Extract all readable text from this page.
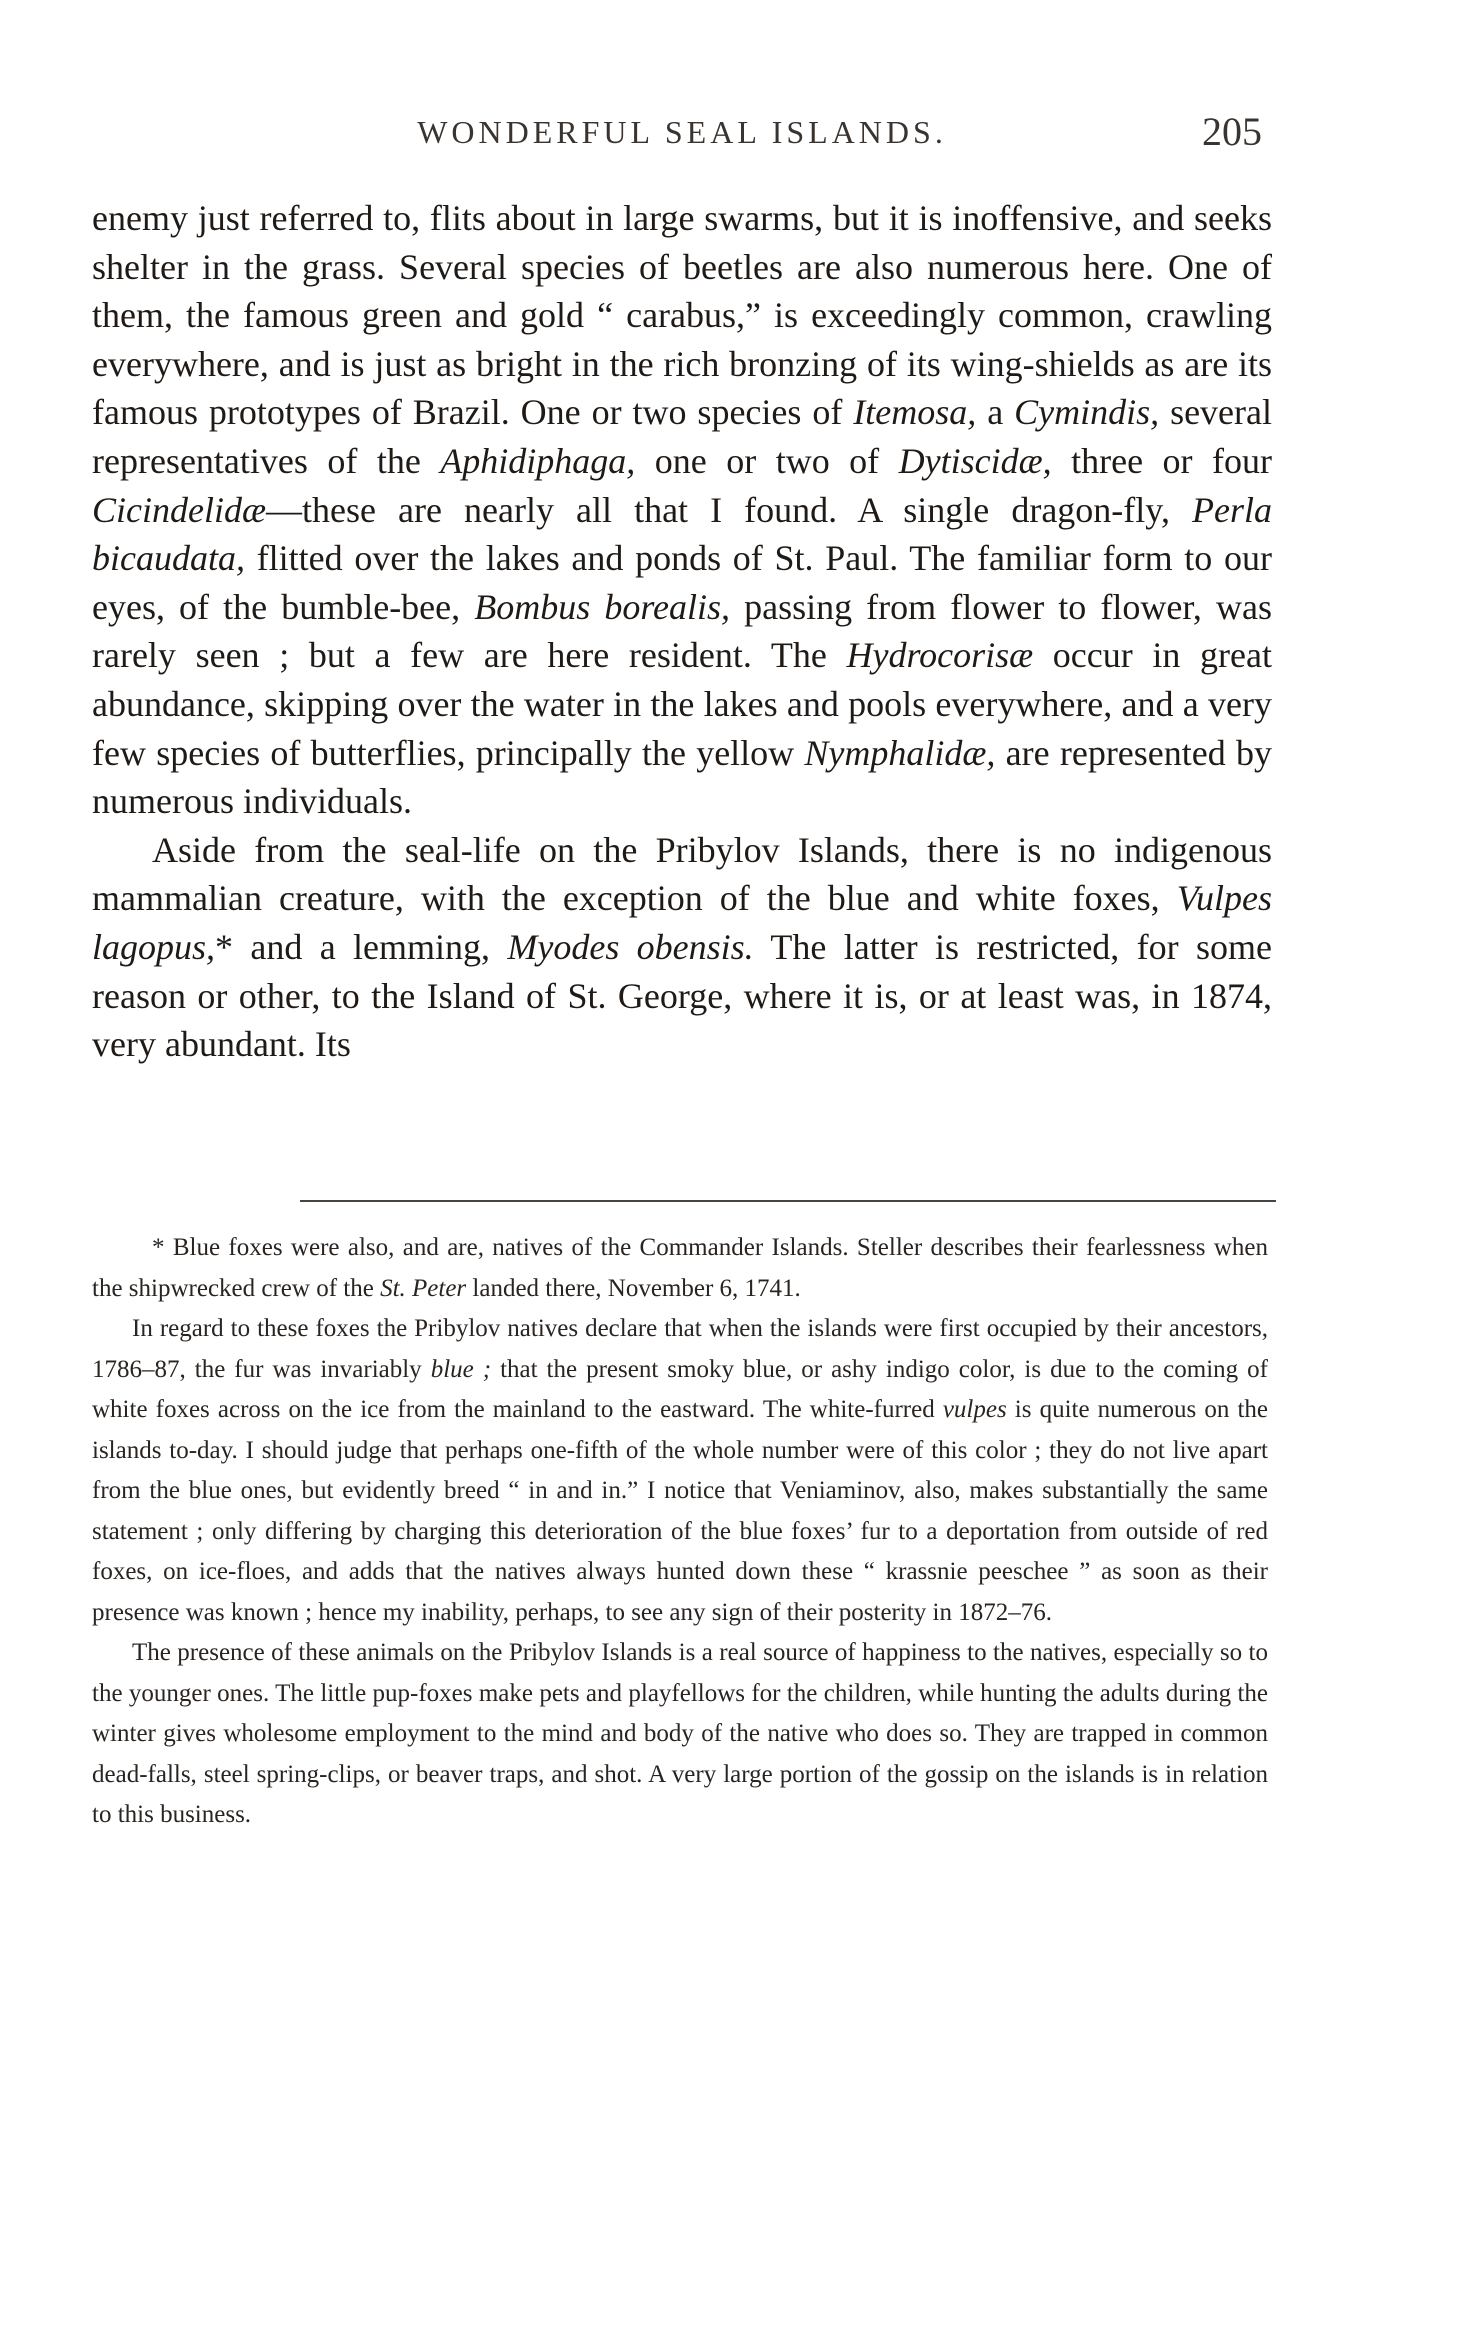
WONDERFUL SEAL ISLANDS.	205

enemy just referred to, flits about in large swarms, but it is inoffensive, and seeks shelter in the grass. Several species of beetles are also numerous here. One of them, the famous green and gold “ carabus,” is exceedingly common, crawling everywhere, and is just as bright in the rich bronzing of its wing-shields as are its famous prototypes of Brazil. One or two species of Itemosa, a Cymindis, several representatives of the Aphidiphaga, one or two of Dytiscidæ, three or four Cicindelidæ—these are nearly all that I found. A single dragon-fly, Perla bicaudata, flitted over the lakes and ponds of St. Paul. The familiar form to our eyes, of the bumble-bee, Bombus borealis, passing from flower to flower, was rarely seen ; but a few are here resident. The Hydrocorisæ occur in great abundance, skipping over the water in the lakes and pools everywhere, and a very few species of butterflies, principally the yellow Nymphalidæ, are represented by numerous individuals.

Aside from the seal-life on the Pribylov Islands, there is no indigenous mammalian creature, with the exception of the blue and white foxes, Vulpes lagopus,* and a lemming, Myodes obensis. The latter is restricted, for some reason or other, to the Island of St. George, where it is, or at least was, in 1874, very abundant. Its

* Blue foxes were also, and are, natives of the Commander Islands. Steller describes their fearlessness when the shipwrecked crew of the St. Peter landed there, November 6, 1741.

In regard to these foxes the Pribylov natives declare that when the islands were first occupied by their ancestors, 1786–87, the fur was invariably blue ; that the present smoky blue, or ashy indigo color, is due to the coming of white foxes across on the ice from the mainland to the eastward. The white-furred vulpes is quite numerous on the islands to-day. I should judge that perhaps one-fifth of the whole number were of this color ; they do not live apart from the blue ones, but evidently breed “ in and in.” I notice that Veniaminov, also, makes substantially the same statement ; only differing by charging this deterioration of the blue foxes’ fur to a deportation from outside of red foxes, on ice-floes, and adds that the natives always hunted down these “ krassnie peeschee ” as soon as their presence was known ; hence my inability, perhaps, to see any sign of their posterity in 1872–76.

The presence of these animals on the Pribylov Islands is a real source of happiness to the natives, especially so to the younger ones. The little pup-foxes make pets and playfellows for the children, while hunting the adults during the winter gives wholesome employment to the mind and body of the native who does so. They are trapped in common dead-falls, steel spring-clips, or beaver traps, and shot. A very large portion of the gossip on the islands is in relation to this business.
